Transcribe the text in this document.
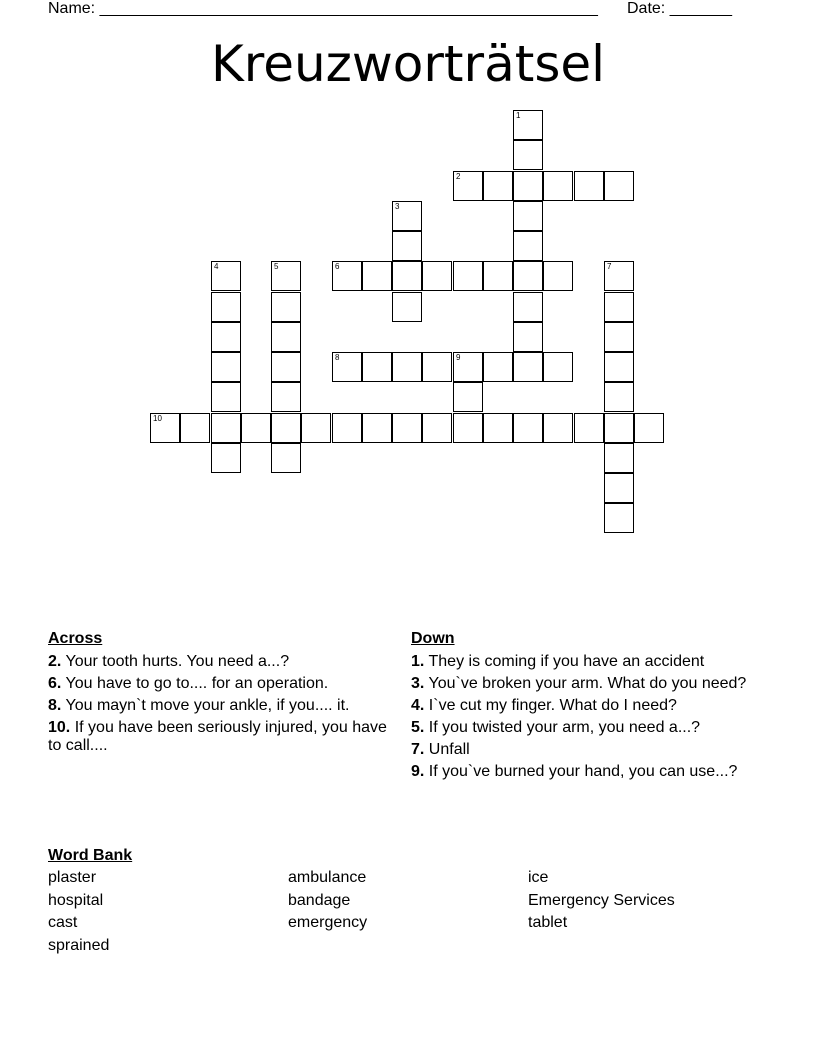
Name: ________________________________________________________ Date: _______
Kreuzworträtsel
1
2
3
4	5	6	7
8	9
10
Across
2. Your tooth hurts. You need a...?
6. You have to go to.... for an operation.
8. You mayn`t move your ankle, if you.... it.
10. If you have been seriously injured, you have to call....
Down
1. They is coming if you have an accident
3. You`ve broken your arm. What do you need?
4. I`ve cut my finger. What do I need?
5. If you twisted your arm, you need a...?
7. Unfall
9. If you`ve burned your hand, you can use...?
Word Bank
plaster
hospital
cast
sprained
ambulance
bandage
emergency
ice
Emergency Services
tablet
